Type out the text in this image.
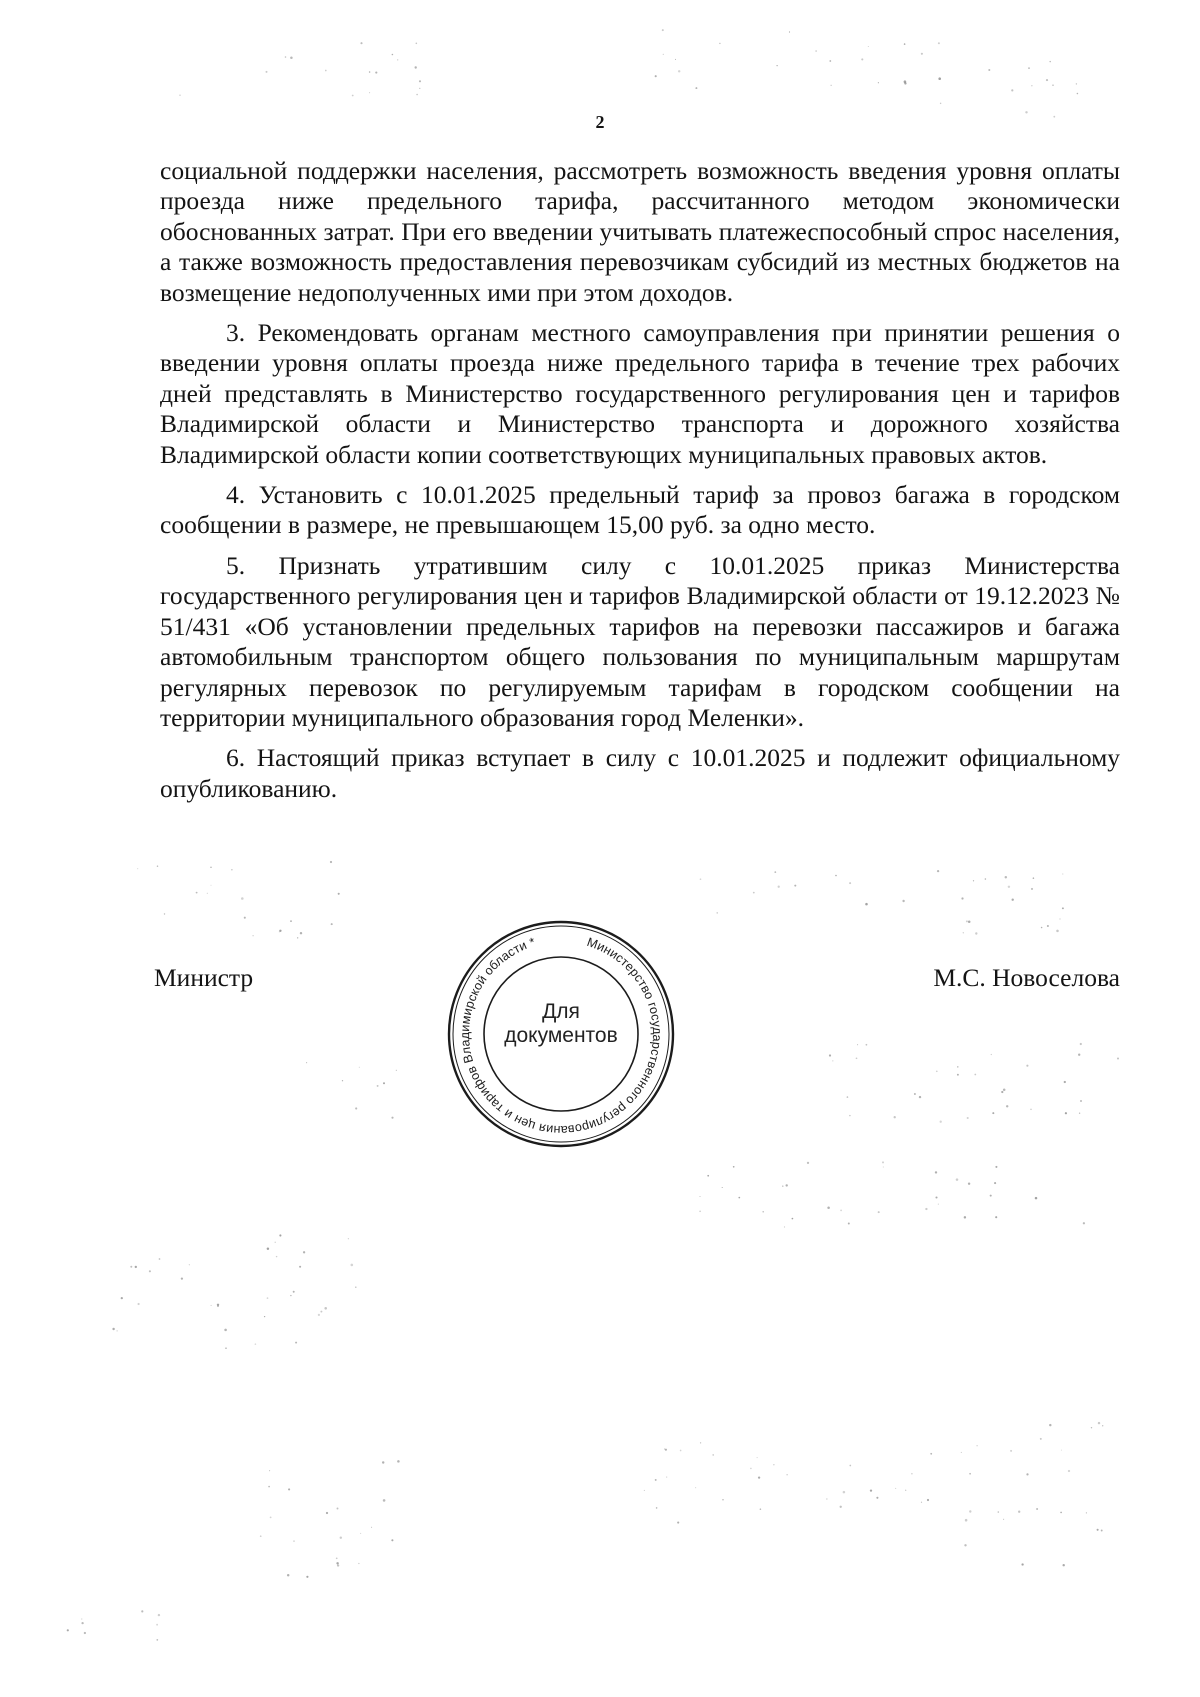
2

социальной поддержки населения, рассмотреть возможность введения уровня оплаты проезда ниже предельного тарифа, рассчитанного методом экономически обоснованных затрат. При его введении учитывать платежеспособный спрос населения, а также возможность предоставления перевозчикам субсидий из местных бюджетов на возмещение недополученных ими при этом доходов.

3. Рекомендовать органам местного самоуправления при принятии решения о введении уровня оплаты проезда ниже предельного тарифа в течение трех рабочих дней представлять в Министерство государственного регулирования цен и тарифов Владимирской области и Министерство транспорта и дорожного хозяйства Владимирской области копии соответствующих муниципальных правовых актов.

4. Установить с 10.01.2025 предельный тариф за провоз багажа в городском сообщении в размере, не превышающем 15,00 руб. за одно место.

5. Признать утратившим силу с 10.01.2025 приказ Министерства государственного регулирования цен и тарифов Владимирской области от 19.12.2023 № 51/431 «Об установлении предельных тарифов на перевозки пассажиров и багажа автомобильным транспортом общего пользования по муниципальным маршрутам регулярных перевозок по регулируемым тарифам в городском сообщении на территории муниципального образования город Меленки».

6. Настоящий приказ вступает в силу с 10.01.2025 и подлежит официальному опубликованию.

Министр	М.С. Новоселова
Министерство государственного регулирования цен и тарифов Владимирской области *
Для
документов
